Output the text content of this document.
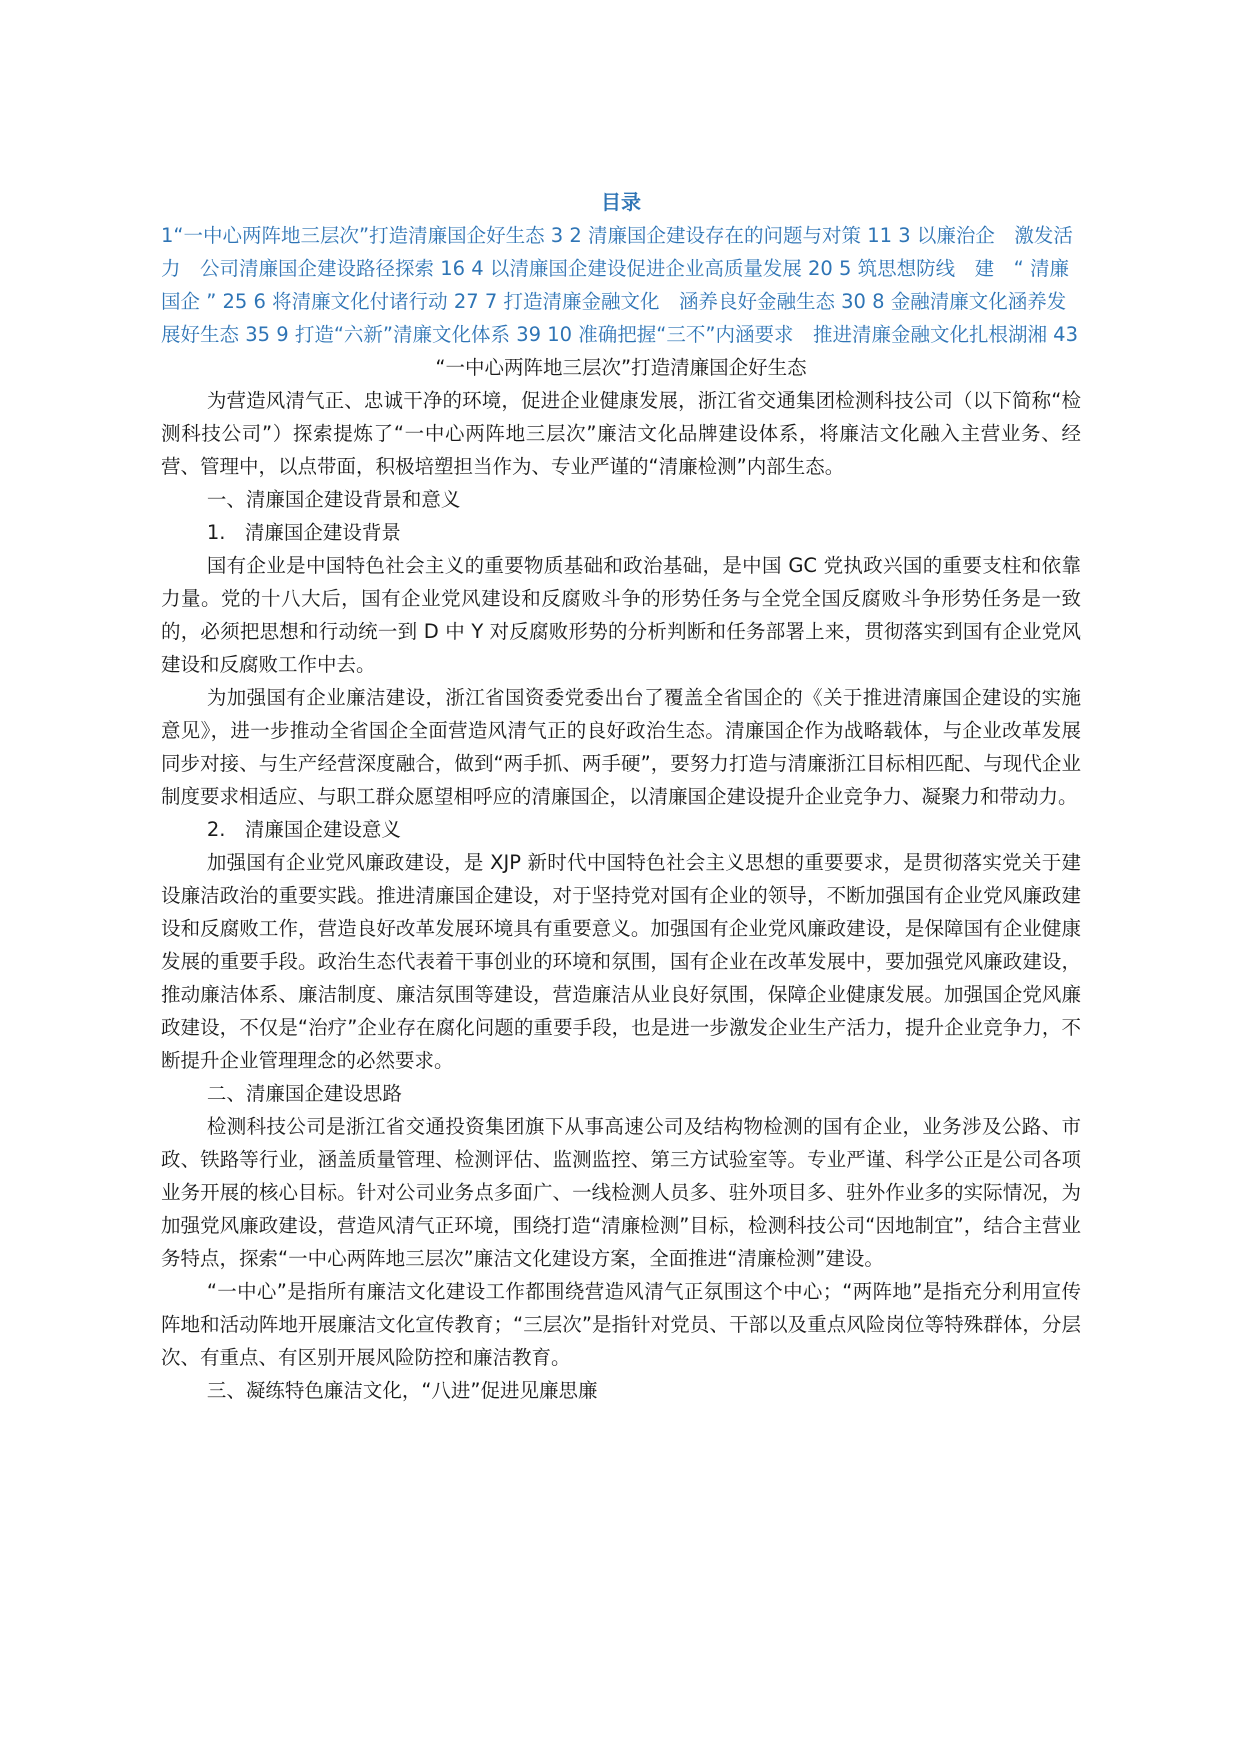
目录

1“一中心两阵地三层次”打造清廉国企好生态 3 2 清廉国企建设存在的问题与对策 11 3 以廉治企　激发活力　公司清廉国企建设路径探索 16 4 以清廉国企建设促进企业高质量发展 20 5 筑思想防线　建　“ 清廉国企 ” 25 6 将清廉文化付诸行动 27 7 打造清廉金融文化　涵养良好金融生态 30 8 金融清廉文化涵养发展好生态 35 9 打造“六新”清廉文化体系 39 10 准确把握“三不”内涵要求　推进清廉金融文化扎根湖湘 43

“一中心两阵地三层次”打造清廉国企好生态

为营造风清气正、忠诚干净的环境，促进企业健康发展，浙江省交通集团检测科技公司（以下简称“检测科技公司”）探索提炼了“一中心两阵地三层次”廉洁文化品牌建设体系，将廉洁文化融入主营业务、经营、管理中，以点带面，积极培塑担当作为、专业严谨的“清廉检测”内部生态。

一、清廉国企建设背景和意义

1.　清廉国企建设背景

国有企业是中国特色社会主义的重要物质基础和政治基础，是中国 GC 党执政兴国的重要支柱和依靠力量。党的十八大后，国有企业党风建设和反腐败斗争的形势任务与全党全国反腐败斗争形势任务是一致的，必须把思想和行动统一到 D 中 Y 对反腐败形势的分析判断和任务部署上来，贯彻落实到国有企业党风建设和反腐败工作中去。

为加强国有企业廉洁建设，浙江省国资委党委出台了覆盖全省国企的《关于推进清廉国企建设的实施意见》，进一步推动全省国企全面营造风清气正的良好政治生态。清廉国企作为战略载体，与企业改革发展同步对接、与生产经营深度融合，做到“两手抓、两手硬”，要努力打造与清廉浙江目标相匹配、与现代企业制度要求相适应、与职工群众愿望相呼应的清廉国企，以清廉国企建设提升企业竞争力、凝聚力和带动力。

2.　清廉国企建设意义

加强国有企业党风廉政建设，是 XJP 新时代中国特色社会主义思想的重要要求，是贯彻落实党关于建设廉洁政治的重要实践。推进清廉国企建设，对于坚持党对国有企业的领导，不断加强国有企业党风廉政建设和反腐败工作，营造良好改革发展环境具有重要意义。加强国有企业党风廉政建设，是保障国有企业健康发展的重要手段。政治生态代表着干事创业的环境和氛围，国有企业在改革发展中，要加强党风廉政建设，推动廉洁体系、廉洁制度、廉洁氛围等建设，营造廉洁从业良好氛围，保障企业健康发展。加强国企党风廉政建设，不仅是“治疗”企业存在腐化问题的重要手段，也是进一步激发企业生产活力，提升企业竞争力，不断提升企业管理理念的必然要求。

二、清廉国企建设思路

检测科技公司是浙江省交通投资集团旗下从事高速公司及结构物检测的国有企业，业务涉及公路、市政、铁路等行业，涵盖质量管理、检测评估、监测监控、第三方试验室等。专业严谨、科学公正是公司各项业务开展的核心目标。针对公司业务点多面广、一线检测人员多、驻外项目多、驻外作业多的实际情况，为加强党风廉政建设，营造风清气正环境，围绕打造“清廉检测”目标，检测科技公司“因地制宜”，结合主营业务特点，探索“一中心两阵地三层次”廉洁文化建设方案，全面推进“清廉检测”建设。

“一中心”是指所有廉洁文化建设工作都围绕营造风清气正氛围这个中心；“两阵地”是指充分利用宣传阵地和活动阵地开展廉洁文化宣传教育；“三层次”是指针对党员、干部以及重点风险岗位等特殊群体，分层次、有重点、有区别开展风险防控和廉洁教育。

三、凝练特色廉洁文化，“八进”促进见廉思廉
